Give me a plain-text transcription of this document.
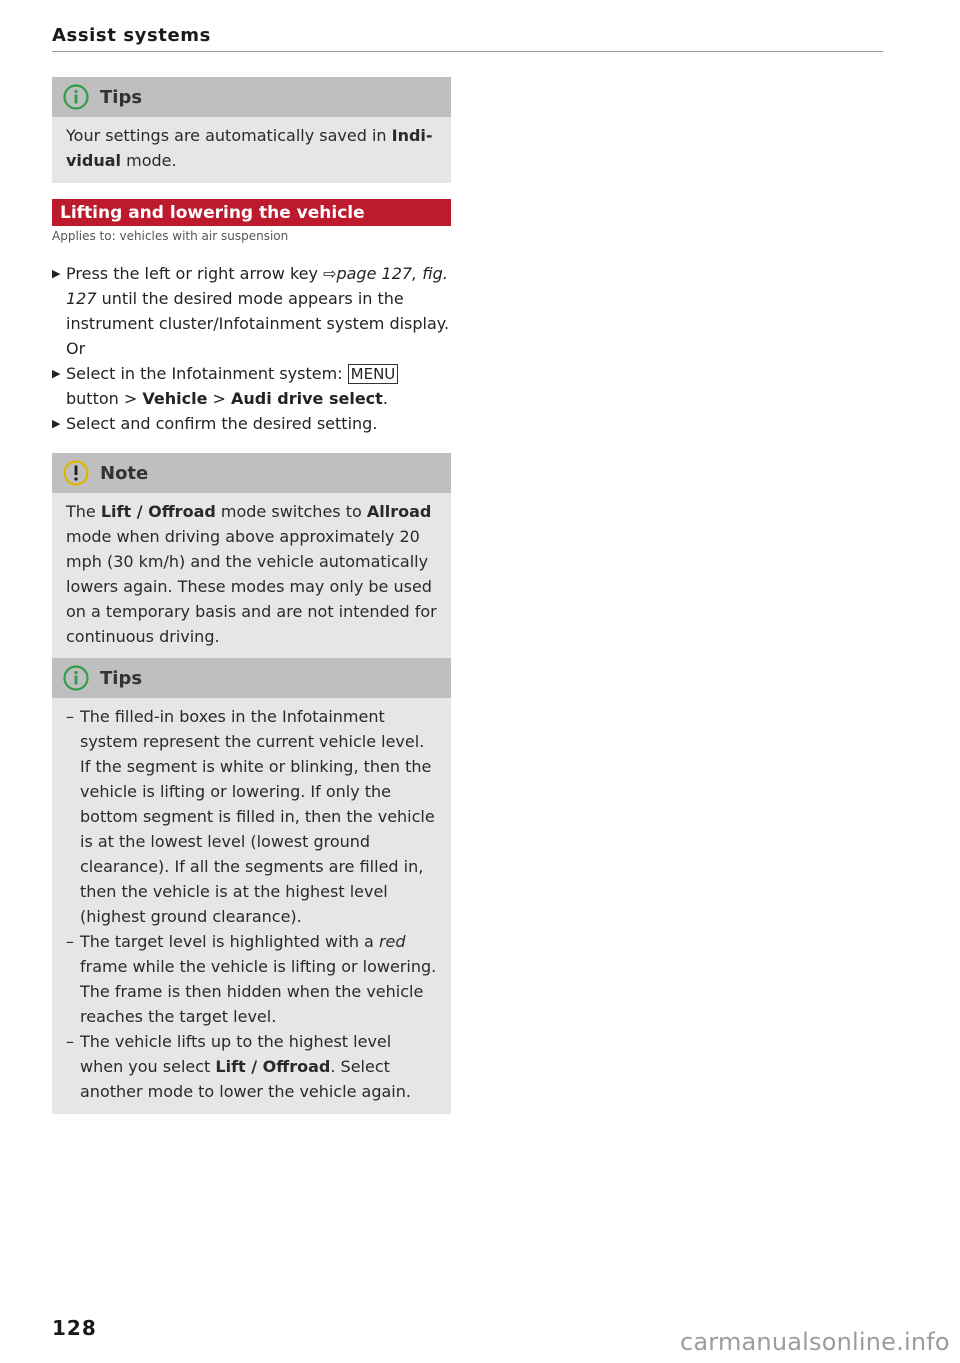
Assist systems
Tips
Your settings are automatically saved in Indi-vidual mode.
Lifting and lowering the vehicle
Applies to: vehicles with air suspension
▶ Press the left or right arrow key ⇨page 127, fig. 127 until the desired mode appears in the instrument cluster/Infotainment system display. Or
▶ Select in the Infotainment system: MENU button > Vehicle > Audi drive select.
▶ Select and confirm the desired setting.
Note
The Lift / Offroad mode switches to Allroad mode when driving above approximately 20 mph (30 km/h) and the vehicle automatically lowers again. These modes may only be used on a temporary basis and are not intended for continuous driving.
Tips
– The filled-in boxes in the Infotainment system represent the current vehicle level. If the segment is white or blinking, then the vehicle is lifting or lowering. If only the bottom segment is filled in, then the vehicle is at the lowest level (lowest ground clearance). If all the segments are filled in, then the vehicle is at the highest level (highest ground clearance).
– The target level is highlighted with a red frame while the vehicle is lifting or lowering. The frame is then hidden when the vehicle reaches the target level.
– The vehicle lifts up to the highest level when you select Lift / Offroad. Select another mode to lower the vehicle again.
128	carmanualsonline.info
